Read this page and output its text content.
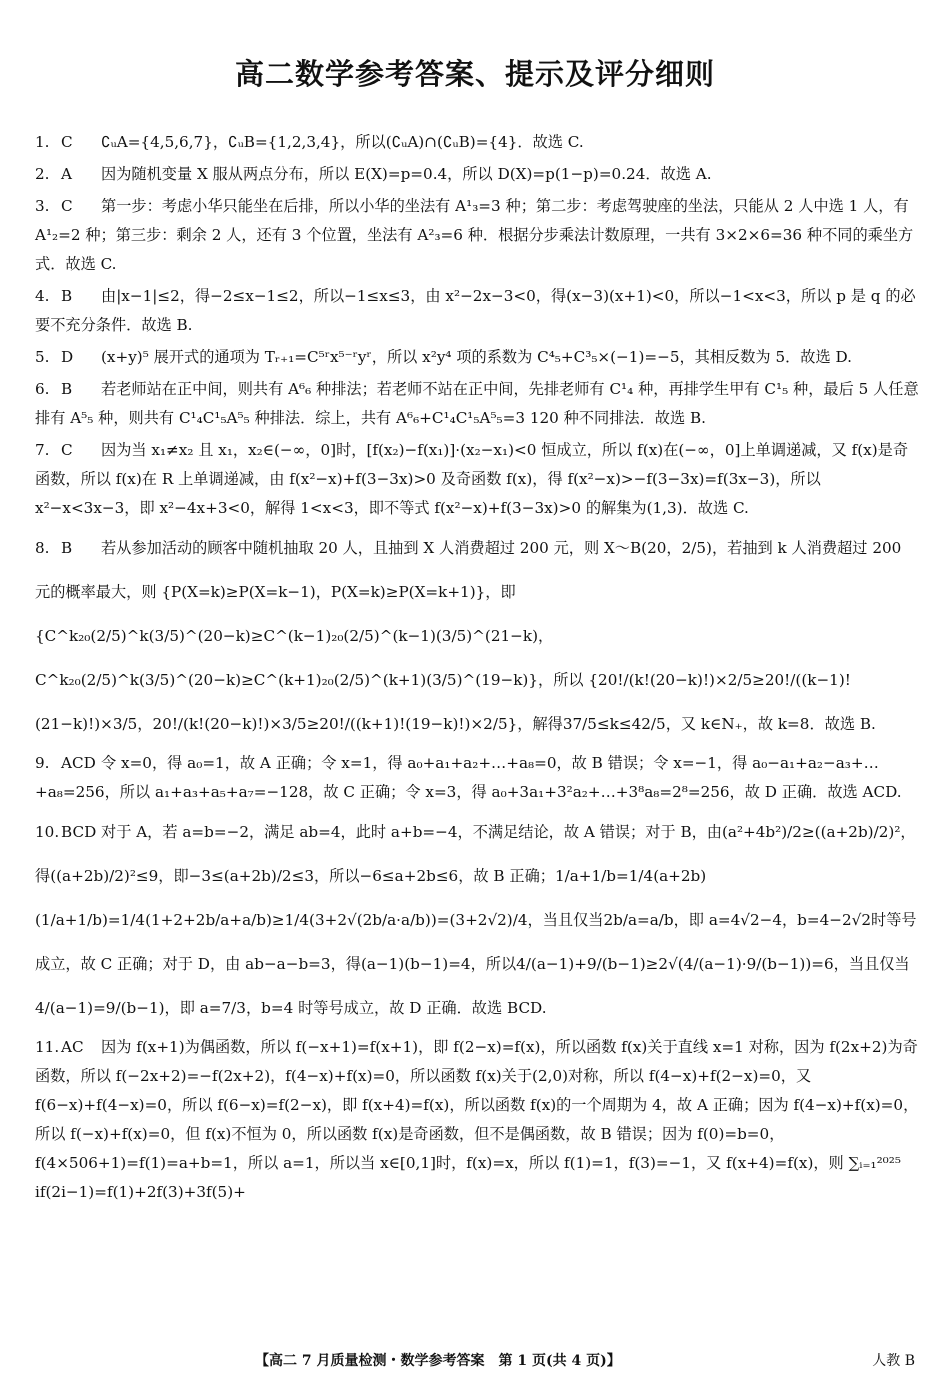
高二数学参考答案、提示及评分细则
1. C ∁ᵤA={4,5,6,7}，∁ᵤB={1,2,3,4}，所以(∁ᵤA)∩(∁ᵤB)={4}．故选 C.
2. A 因为随机变量 X 服从两点分布，所以 E(X)=p=0.4，所以 D(X)=p(1−p)=0.24．故选 A.
3. C 第一步：考虑小华只能坐在后排，所以小华的坐法有 A¹₃=3 种；第二步：考虑驾驶座的坐法，只能从 2 人中选 1 人，有 A¹₂=2 种；第三步：剩余 2 人，还有 3 个位置，坐法有 A²₃=6 种．根据分步乘法计数原理，一共有 3×2×6=36 种不同的乘坐方式．故选 C.
4. B 由|x−1|≤2，得−2≤x−1≤2，所以−1≤x≤3，由 x²−2x−3<0，得(x−3)(x+1)<0，所以−1<x<3，所以 p 是 q 的必要不充分条件．故选 B.
5. D (x+y)⁵ 展开式的通项为 Tᵣ₊₁=C⁵ʳx⁵⁻ʳyʳ，所以 x²y⁴ 项的系数为 C⁴₅+C³₅×(−1)=−5，其相反数为 5．故选 D.
6. B 若老师站在正中间，则共有 A⁶₆ 种排法；若老师不站在正中间，先排老师有 C¹₄ 种，再排学生甲有 C¹₅ 种，最后 5 人任意排有 A⁵₅ 种，则共有 C¹₄C¹₅A⁵₅ 种排法．综上，共有 A⁶₆+C¹₄C¹₅A⁵₅=3 120 种不同排法．故选 B.
7. C 因为当 x₁≠x₂ 且 x₁，x₂∈(−∞，0]时，[f(x₂)−f(x₁)]·(x₂−x₁)<0 恒成立，所以 f(x)在(−∞，0]上单调递减，又 f(x)是奇函数，所以 f(x)在 R 上单调递减，由 f(x²−x)+f(3−3x)>0 及奇函数 f(x)，得 f(x²−x)>−f(3−3x)=f(3x−3)，所以 x²−x<3x−3，即 x²−4x+3<0，解得 1<x<3，即不等式 f(x²−x)+f(3−3x)>0 的解集为(1,3)．故选 C.
8. B 若从参加活动的顾客中随机抽取 20 人，且抽到 X 人消费超过 200 元，则 X～B(20，2/5)，若抽到 k 人消费超过 200 元的概率最大，则 {P(X=k)≥P(X=k−1)，P(X=k)≥P(X=k+1)}，即 {C^k₂₀(2/5)^k(3/5)^(20−k)≥C^(k−1)₂₀(2/5)^(k−1)(3/5)^(21−k)，C^k₂₀(2/5)^k(3/5)^(20−k)≥C^(k+1)₂₀(2/5)^(k+1)(3/5)^(19−k)}，所以 {20!/(k!(20−k)!)×2/5≥20!/((k−1)!(21−k)!)×3/5，20!/(k!(20−k)!)×3/5≥20!/((k+1)!(19−k)!)×2/5}，解得37/5≤k≤42/5，又 k∈N₊，故 k=8．故选 B.
9. ACD 令 x=0，得 a₀=1，故 A 正确；令 x=1，得 a₀+a₁+a₂+…+a₈=0，故 B 错误；令 x=−1，得 a₀−a₁+a₂−a₃+…+a₈=256，所以 a₁+a₃+a₅+a₇=−128，故 C 正确；令 x=3，得 a₀+3a₁+3²a₂+…+3⁸a₈=2⁸=256，故 D 正确．故选 ACD.
10. BCD 对于 A，若 a=b=−2，满足 ab=4，此时 a+b=−4，不满足结论，故 A 错误；对于 B，由(a²+4b²)/2≥((a+2b)/2)²，得((a+2b)/2)²≤9，即−3≤(a+2b)/2≤3，所以−6≤a+2b≤6，故 B 正确；1/a+1/b=1/4(a+2b)(1/a+1/b)=1/4(1+2+2b/a+a/b)≥1/4(3+2√(2b/a·a/b))=(3+2√2)/4，当且仅当2b/a=a/b，即 a=4√2−4，b=4−2√2时等号成立，故 C 正确；对于 D，由 ab−a−b=3，得(a−1)(b−1)=4，所以4/(a−1)+9/(b−1)≥2√(4/(a−1)·9/(b−1))=6，当且仅当4/(a−1)=9/(b−1)，即 a=7/3，b=4 时等号成立，故 D 正确．故选 BCD.
11. AC 因为 f(x+1)为偶函数，所以 f(−x+1)=f(x+1)，即 f(2−x)=f(x)，所以函数 f(x)关于直线 x=1 对称，因为 f(2x+2)为奇函数，所以 f(−2x+2)=−f(2x+2)，f(4−x)+f(x)=0，所以函数 f(x)关于(2,0)对称，所以 f(4−x)+f(2−x)=0，又 f(6−x)+f(4−x)=0，所以 f(6−x)=f(2−x)，即 f(x+4)=f(x)，所以函数 f(x)的一个周期为 4，故 A 正确；因为 f(4−x)+f(x)=0，所以 f(−x)+f(x)=0，但 f(x)不恒为 0，所以函数 f(x)是奇函数，但不是偶函数，故 B 错误；因为 f(0)=b=0，f(4×506+1)=f(1)=a+b=1，所以 a=1，所以当 x∈[0,1]时，f(x)=x，所以 f(1)=1，f(3)=−1，又 f(x+4)=f(x)，则 ∑ᵢ₌₁²⁰²⁵ if(2i−1)=f(1)+2f(3)+3f(5)+
【高二 7 月质量检测・数学参考答案　第 1 页(共 4 页)】	人教 B
